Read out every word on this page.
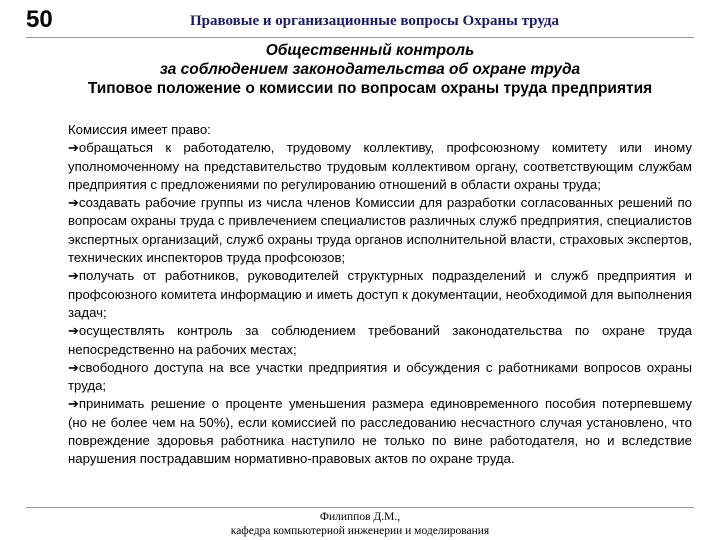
50	Правовые и организационные вопросы Охраны труда
Общественный контроль
за соблюдением законодательства об охране труда
Типовое положение о комиссии по вопросам охраны труда предприятия

Комиссия имеет право:

➔обращаться к работодателю, трудовому коллективу, профсоюзному комитету или иному уполномоченному на представительство трудовым коллективом органу, соответствующим службам предприятия с предложениями по регулированию отношений в области охраны труда;

➔создавать рабочие группы из числа членов Комиссии для разработки согласованных решений по вопросам охраны труда с привлечением специалистов различных служб предприятия, специалистов экспертных организаций, служб охраны труда органов исполнительной власти, страховых экспертов, технических инспекторов труда профсоюзов;

➔получать от работников, руководителей структурных подразделений и служб предприятия и профсоюзного комитета информацию и иметь доступ к документации, необходимой для выполнения задач;

➔осуществлять контроль за соблюдением требований законодательства по охране труда непосредственно на рабочих местах;

➔свободного доступа на все участки предприятия и обсуждения с работниками вопросов охраны труда;

➔принимать решение о проценте уменьшения размера единовременного пособия потерпевшему (но не более чем на 50%), если комиссией по расследованию несчастного случая установлено, что повреждение здоровья работника наступило не только по вине работодателя, но и вследствие нарушения пострадавшим нормативно-правовых актов по охране труда.

Филиппов Д.М.,
кафедра компьютерной инженерии и моделирования
